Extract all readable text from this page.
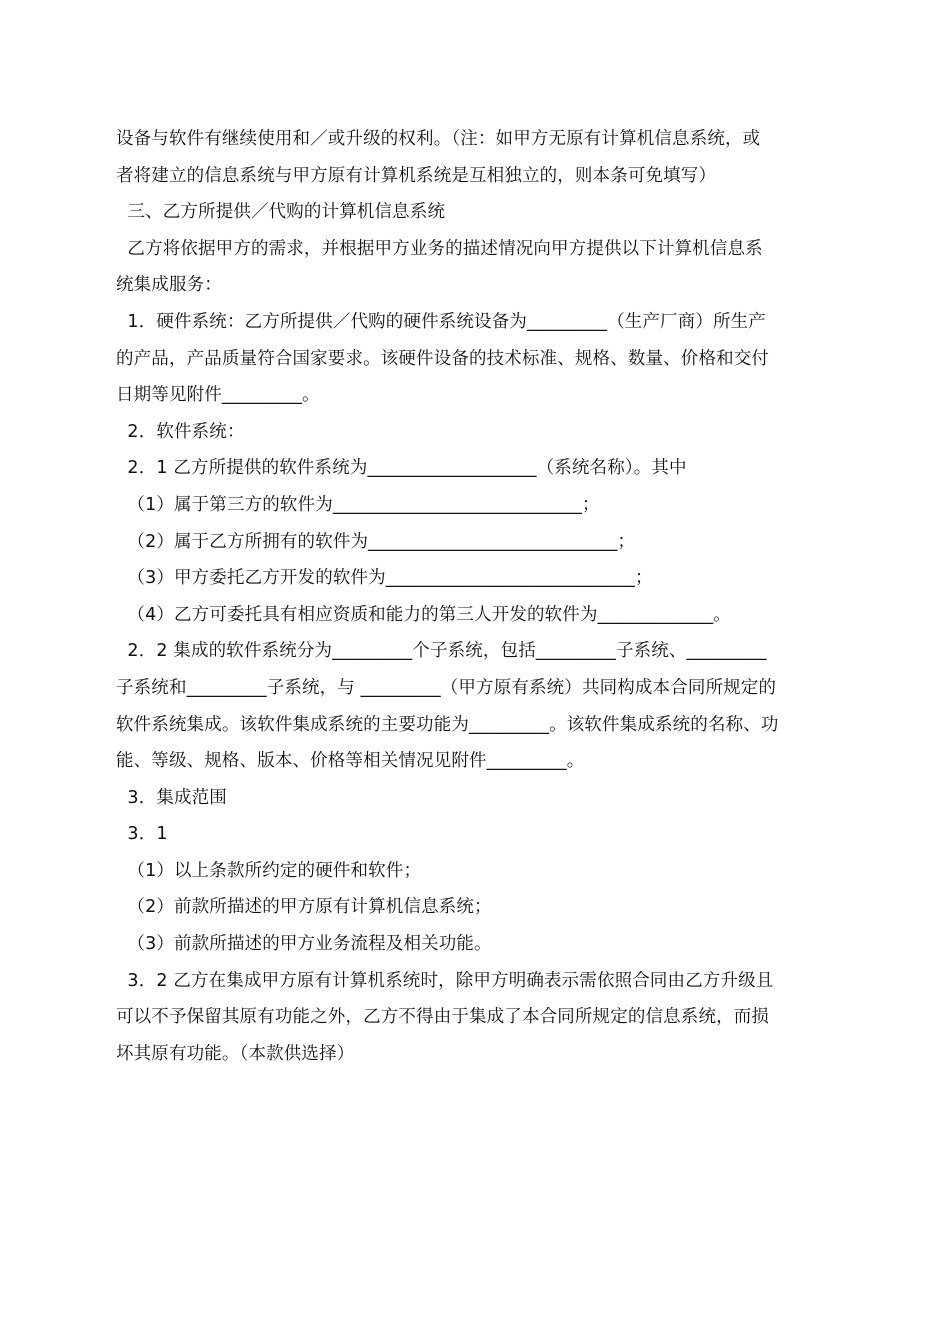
设备与软件有继续使用和／或升级的权利。（注：如甲方无原有计算机信息系统，或
者将建立的信息系统与甲方原有计算机系统是互相独立的，则本条可免填写）
三、乙方所提供／代购的计算机信息系统
乙方将依据甲方的需求，并根据甲方业务的描述情况向甲方提供以下计算机信息系
统集成服务：
1．硬件系统：乙方所提供／代购的硬件系统设备为_________（生产厂商）所生产
的产品，产品质量符合国家要求。该硬件设备的技术标准、规格、数量、价格和交付
日期等见附件_________。
2．软件系统：
2．1 乙方所提供的软件系统为___________________（系统名称）。其中
（1）属于第三方的软件为____________________________；
（2）属于乙方所拥有的软件为____________________________；
（3）甲方委托乙方开发的软件为____________________________；
（4）乙方可委托具有相应资质和能力的第三人开发的软件为_____________。
2．2 集成的软件系统分为_________个子系统，包括_________子系统、_________
子系统和_________子系统，与 _________（甲方原有系统）共同构成本合同所规定的
软件系统集成。该软件集成系统的主要功能为_________。该软件集成系统的名称、功
能、等级、规格、版本、价格等相关情况见附件_________。
3．集成范围
3．1
（1）以上条款所约定的硬件和软件；
（2）前款所描述的甲方原有计算机信息系统；
（3）前款所描述的甲方业务流程及相关功能。
3．2 乙方在集成甲方原有计算机系统时，除甲方明确表示需依照合同由乙方升级且
可以不予保留其原有功能之外，乙方不得由于集成了本合同所规定的信息系统，而损
坏其原有功能。（本款供选择）
